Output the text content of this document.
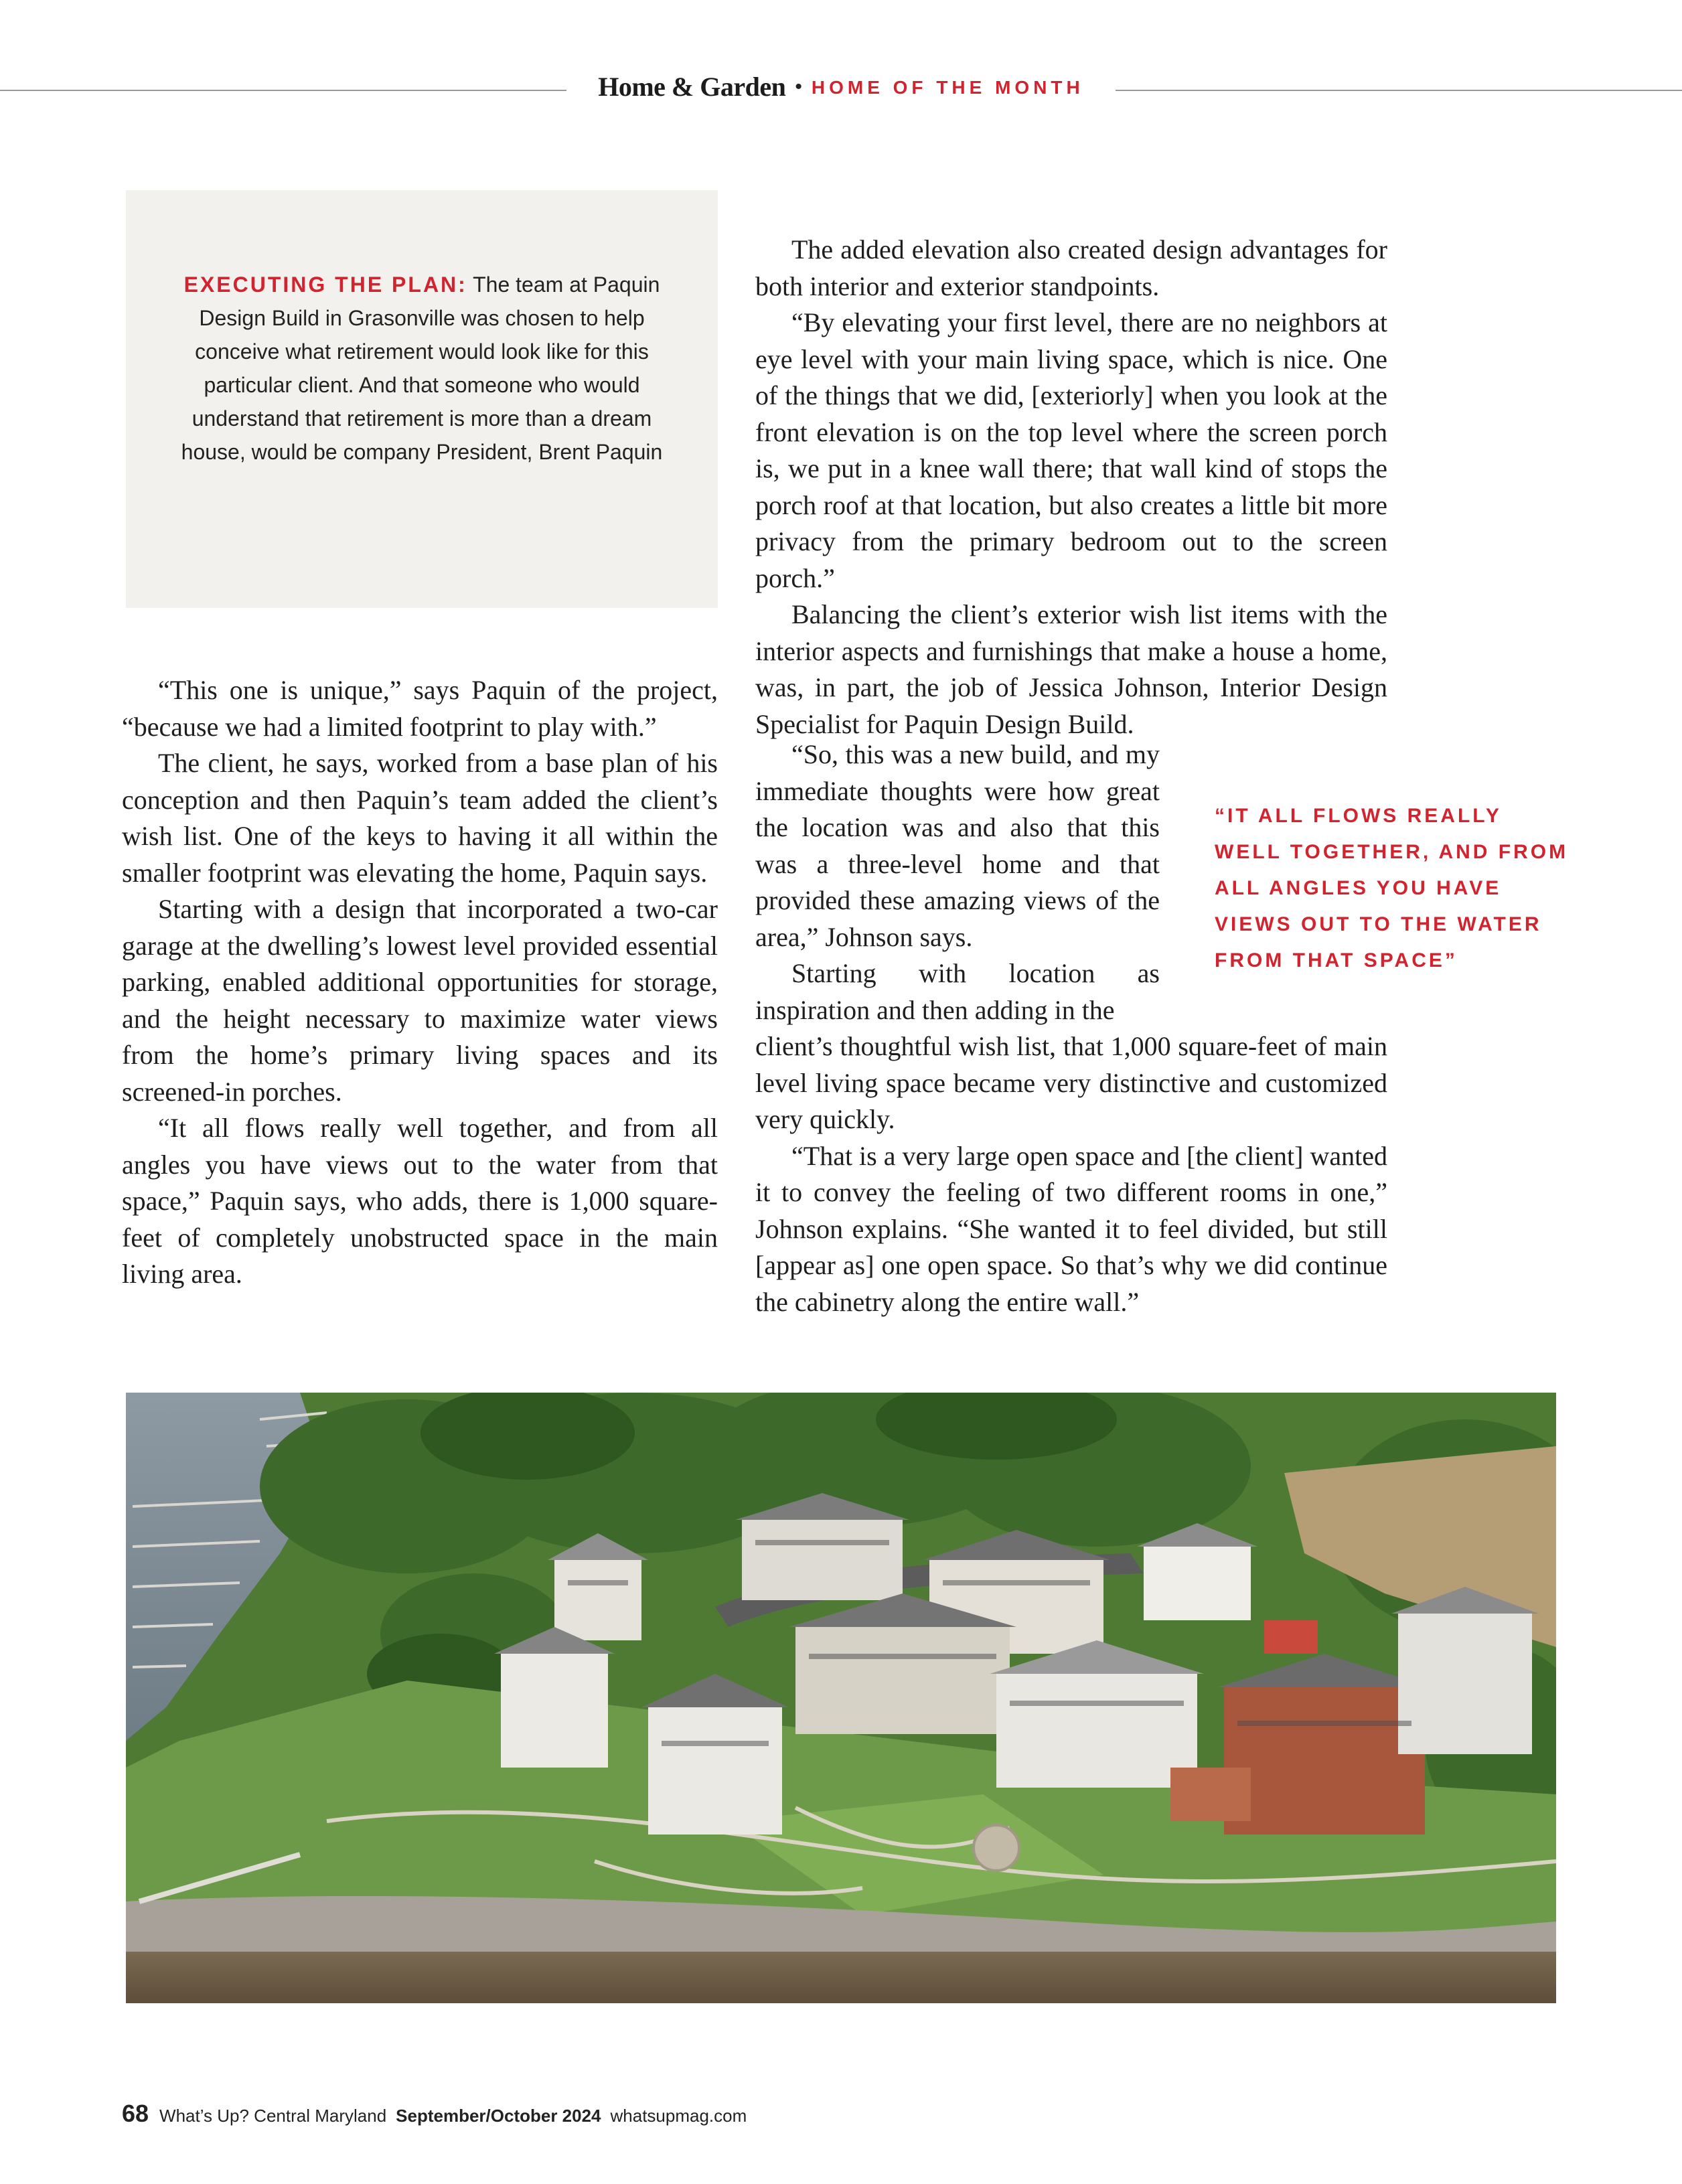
Home & Garden • HOME OF THE MONTH
EXECUTING THE PLAN: The team at Paquin Design Build in Grasonville was chosen to help conceive what retirement would look like for this particular client. And that someone who would understand that retirement is more than a dream house, would be company President, Brent Paquin

“This one is unique,” says Paquin of the project, “because we had a limited footprint to play with.”

The client, he says, worked from a base plan of his conception and then Paquin’s team added the client’s wish list. One of the keys to having it all within the smaller footprint was elevating the home, Paquin says.

Starting with a design that incorporated a two-car garage at the dwelling’s lowest level provided essential parking, enabled additional opportunities for storage, and the height necessary to maximize water views from the home’s primary living spaces and its screened-in porches.

“It all flows really well together, and from all angles you have views out to the water from that space,” Paquin says, who adds, there is 1,000 square-feet of completely unobstructed space in the main living area.

The added elevation also created design advantages for both interior and exterior standpoints.

“By elevating your first level, there are no neighbors at eye level with your main living space, which is nice. One of the things that we did, [exteriorly] when you look at the front elevation is on the top level where the screen porch is, we put in a knee wall there; that wall kind of stops the porch roof at that location, but also creates a little bit more privacy from the primary bedroom out to the screen porch.”

Balancing the client’s exterior wish list items with the interior aspects and furnishings that make a house a home, was, in part, the job of Jessica Johnson, Interior Design Specialist for Paquin Design Build.

“So, this was a new build, and my immediate thoughts were how great the location was and also that this was a three-level home and that provided these amazing views of the area,” Johnson says.

Starting with location as inspiration and then adding in the

“IT ALL FLOWS REALLY WELL TOGETHER, AND FROM ALL ANGLES YOU HAVE VIEWS OUT TO THE WATER FROM THAT SPACE”

client’s thoughtful wish list, that 1,000 square-feet of main level living space became very distinctive and customized very quickly.

“That is a very large open space and [the client] wanted it to convey the feeling of two different rooms in one,” Johnson explains. “She wanted it to feel divided, but still [appear as] one open space. So that’s why we did continue the cabinetry along the entire wall.”

68 What’s Up? Central Maryland September/October 2024 whatsupmag.com
